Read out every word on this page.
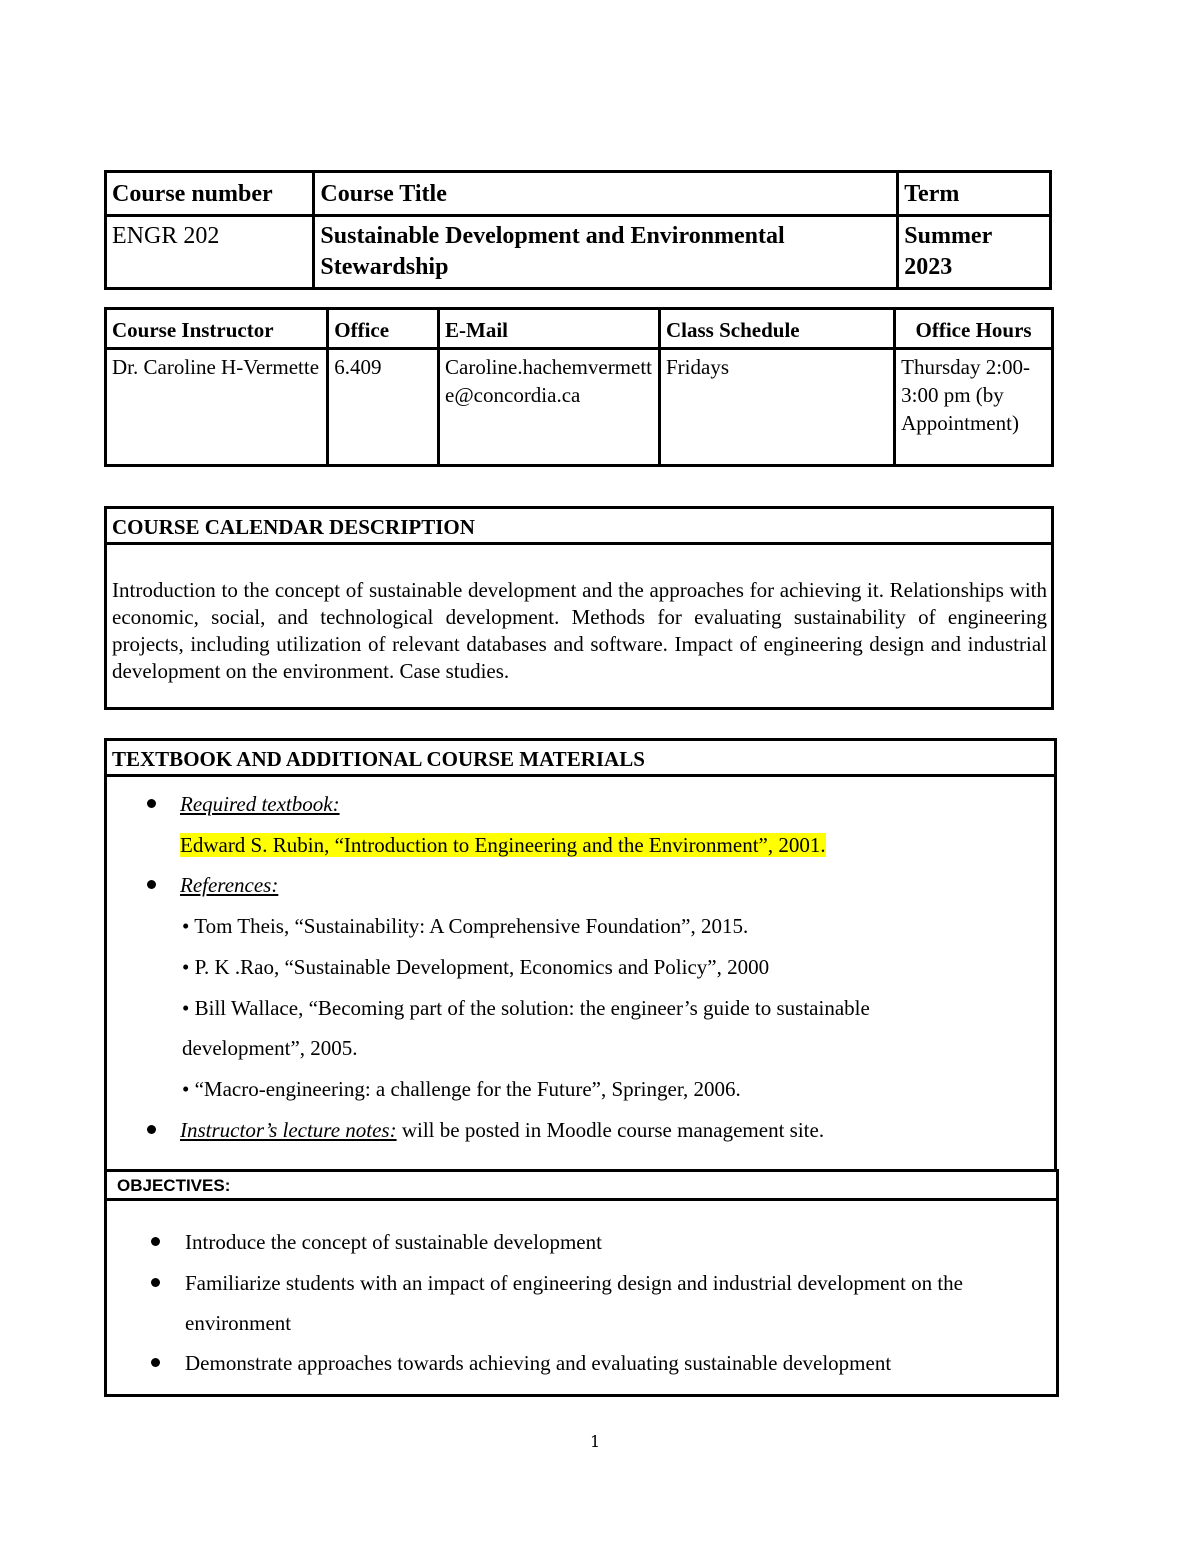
Course number	Course Title	Term
ENGR 202	Sustainable Development and Environmental Stewardship	Summer 2023
Course Instructor	Office	E-Mail	Class Schedule	Office Hours
Dr. Caroline H-Vermette	6.409	Caroline.hachemvermette@concordia.ca	Fridays	Thursday 2:00-3:00 pm (by Appointment)
COURSE CALENDAR DESCRIPTION
Introduction to the concept of sustainable development and the approaches for achieving it. Relationships with economic, social, and technological development. Methods for evaluating sustainability of engineering projects, including utilization of relevant databases and software. Impact of engineering design and industrial development on the environment. Case studies.
TEXTBOOK AND ADDITIONAL COURSE MATERIALS
Required textbook:
Edward S. Rubin, “Introduction to Engineering and the Environment”, 2001.
References:
• Tom Theis, “Sustainability: A Comprehensive Foundation”, 2015.
• P. K .Rao, “Sustainable Development, Economics and Policy”, 2000
• Bill Wallace, “Becoming part of the solution: the engineer’s guide to sustainable
development”, 2005.
• “Macro-engineering: a challenge for the Future”, Springer, 2006.
Instructor’s lecture notes: will be posted in Moodle course management site.
OBJECTIVES:
Introduce the concept of sustainable development
Familiarize students with an impact of engineering design and industrial development on the
environment
Demonstrate approaches towards achieving and evaluating sustainable development
1
